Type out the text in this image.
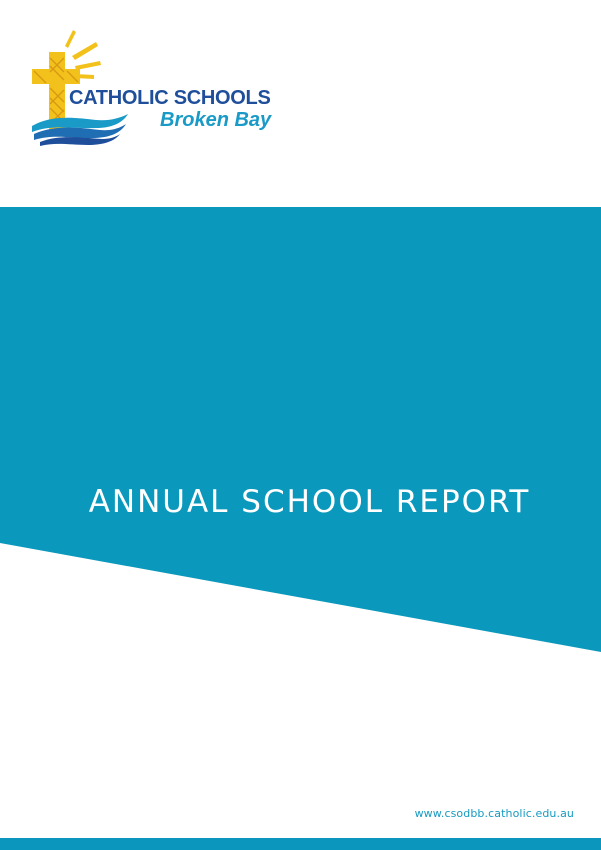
CATHOLIC SCHOOLS
Broken Bay
ANNUAL SCHOOL REPORT
www.csodbb.catholic.edu.au
